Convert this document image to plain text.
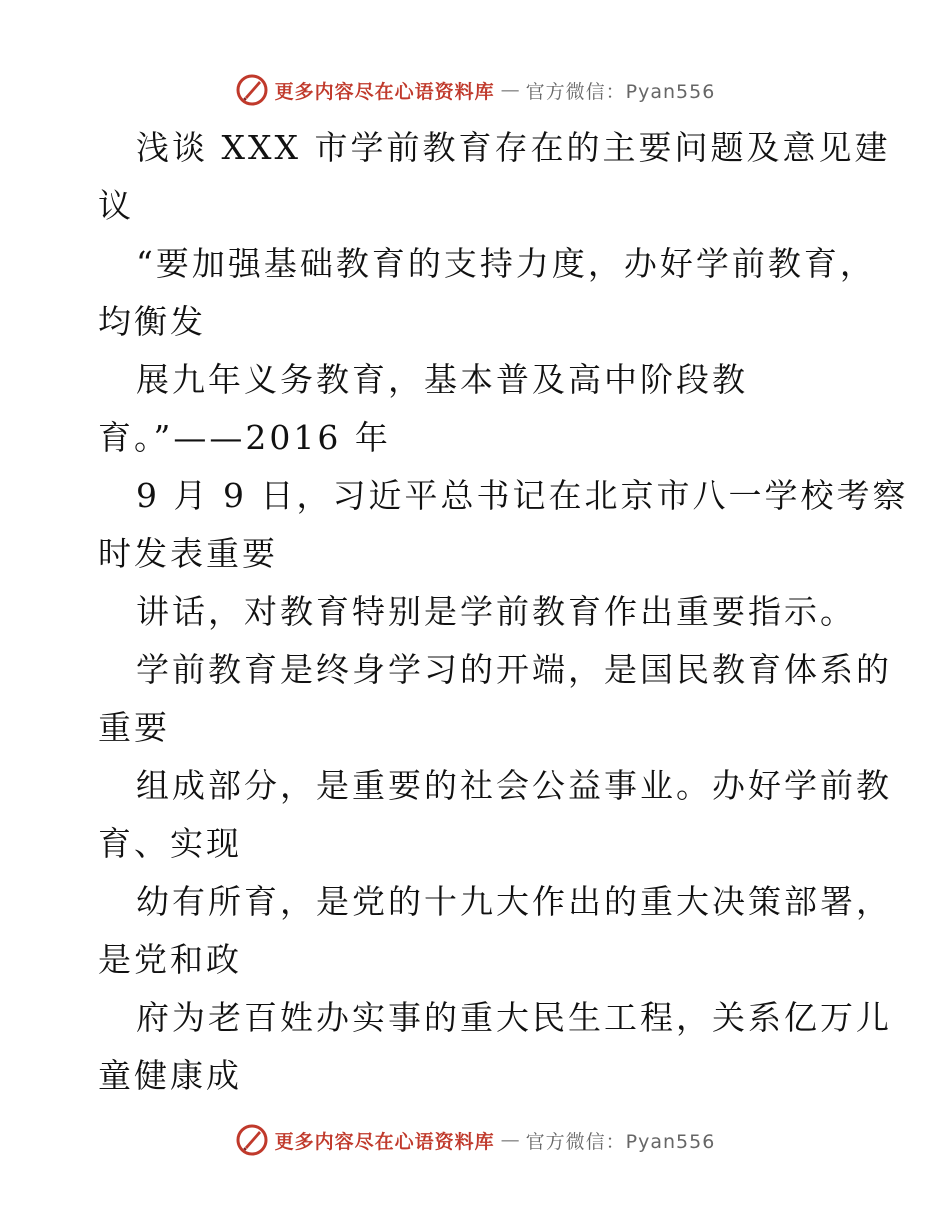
更多内容尽在心语资料库 — 官方微信：Pyan556
浅谈 XXX 市学前教育存在的主要问题及意见建
议
“要加强基础教育的支持力度，办好学前教育，
均衡发
展九年义务教育，基本普及高中阶段教
育。”——2016 年
9 月 9 日，习近平总书记在北京市八一学校考察
时发表重要
讲话，对教育特别是学前教育作出重要指示。
学前教育是终身学习的开端，是国民教育体系的
重要
组成部分，是重要的社会公益事业。办好学前教
育、实现
幼有所育，是党的十九大作出的重大决策部署，
是党和政
府为老百姓办实事的重大民生工程，关系亿万儿
童健康成
更多内容尽在心语资料库 — 官方微信：Pyan556
